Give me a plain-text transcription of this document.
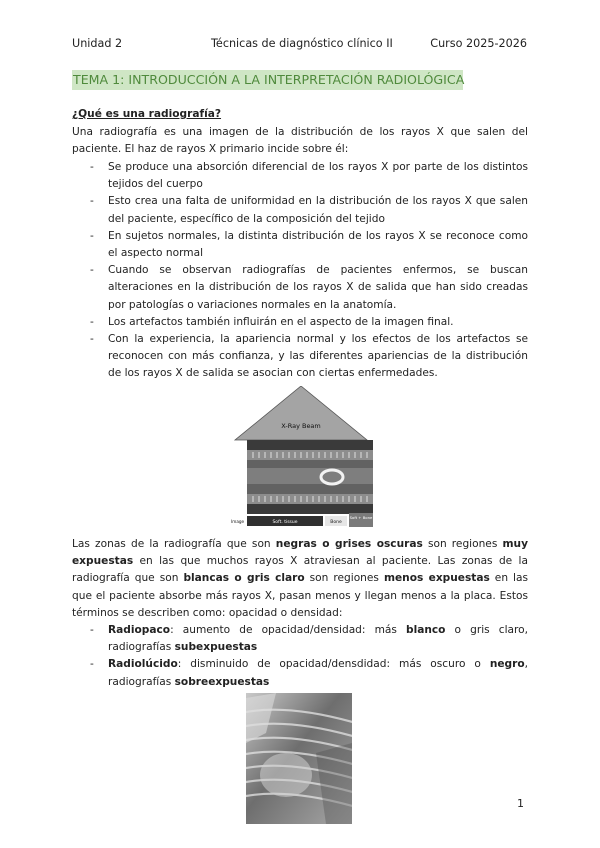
Unidad 2	Técnicas de diagnóstico clínico II	Curso 2025-2026
TEMA 1: INTRODUCCIÓN A LA INTERPRETACIÓN RADIOLÓGICA
¿Qué es una radiografía?
Una radiografía es una imagen de la distribución de los rayos X que salen del paciente. El haz de rayos X primario incide sobre él:
- Se produce una absorción diferencial de los rayos X por parte de los distintos tejidos del cuerpo
- Esto crea una falta de uniformidad en la distribución de los rayos X que salen del paciente, específico de la composición del tejido
- En sujetos normales, la distinta distribución de los rayos X se reconoce como el aspecto normal
- Cuando se observan radiografías de pacientes enfermos, se buscan alteraciones en la distribución de los rayos X de salida que han sido creadas por patologías o variaciones normales en la anatomía.
- Los artefactos también influirán en el aspecto de la imagen final.
- Con la experiencia, la apariencia normal y los efectos de los artefactos se reconocen con más confianza, y las diferentes apariencias de la distribución de los rayos X de salida se asocian con ciertas enfermedades.
X-Ray Beam
Image	Soft. tissue	Bone
Soft + Bone
Las zonas de la radiografía que son negras o grises oscuras son regiones muy expuestas en las que muchos rayos X atraviesan al paciente. Las zonas de la radiografía que son blancas o gris claro son regiones menos expuestas en las que el paciente absorbe más rayos X, pasan menos y llegan menos a la placa. Estos términos se describen como: opacidad o densidad:
- Radiopaco: aumento de opacidad/densidad: más blanco o gris claro, radiografías subexpuestas
- Radiolúcido: disminuido de opacidad/densdidad: más oscuro o negro, radiografías sobreexpuestas
1
